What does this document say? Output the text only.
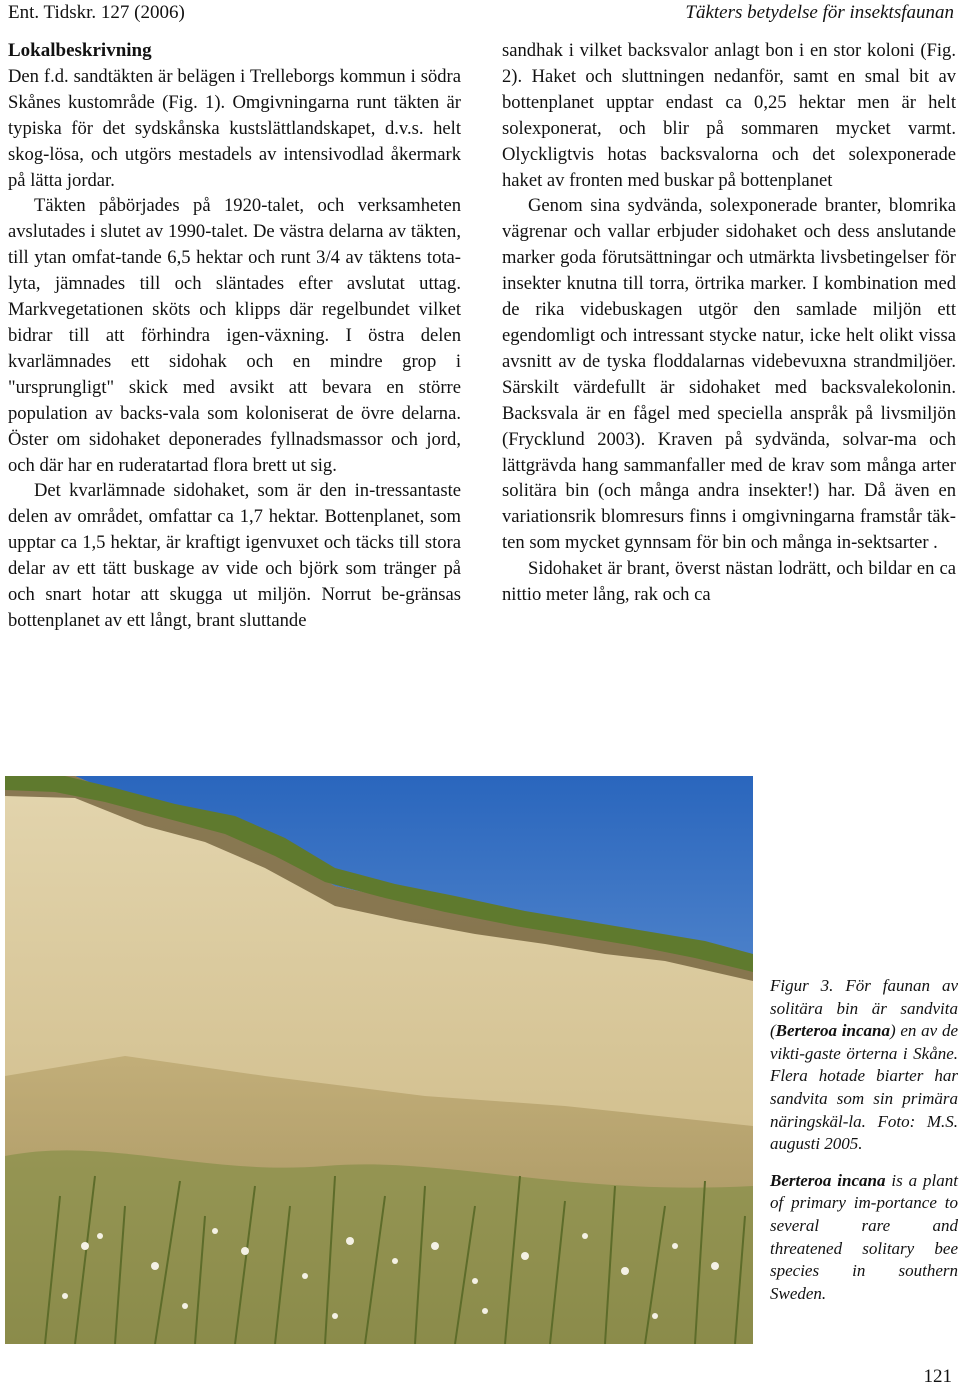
Ent. Tidskr. 127 (2006)	Täkters betydelse för insektsfaunan
Lokalbeskrivning

Den f.d. sandtäkten är belägen i Trelleborgs kommun i södra Skånes kustområde (Fig. 1). Omgivningarna runt täkten är typiska för det sydskånska kustslättlandskapet, d.v.s. helt skog-lösa, och utgörs mestadels av intensivodlad åkermark på lätta jordar.

Täkten påbörjades på 1920-talet, och verksamheten avslutades i slutet av 1990-talet. De västra delarna av täkten, till ytan omfat-tande 6,5 hektar och runt 3/4 av täktens tota-lyta, jämnades till och släntades efter avslutat uttag. Markvegetationen sköts och klipps där regelbundet vilket bidrar till att förhindra igen-växning. I östra delen kvarlämnades ett sidohak och en mindre grop i "ursprungligt" skick med avsikt att bevara en större population av backs-vala som koloniserat de övre delarna. Öster om sidohaket deponerades fyllnadsmassor och jord, och där har en ruderatartad flora brett ut sig.

Det kvarlämnade sidohaket, som är den in-tressantaste delen av området, omfattar ca 1,7 hektar. Bottenplanet, som upptar ca 1,5 hektar, är kraftigt igenvuxet och täcks till stora delar av ett tätt buskage av vide och björk som tränger på och snart hotar att skugga ut miljön. Norrut be-gränsas bottenplanet av ett långt, brant sluttande

sandhak i vilket backsvalor anlagt bon i en stor koloni (Fig. 2). Haket och sluttningen nedanför, samt en smal bit av bottenplanet upptar endast ca 0,25 hektar men är helt solexponerat, och blir på sommaren mycket varmt. Olyckligtvis hotas backsvalorna och det solexponerade haket av fronten med buskar på bottenplanet

Genom sina sydvända, solexponerade branter, blomrika vägrenar och vallar erbjuder sidohaket och dess anslutande marker goda förutsättningar och utmärkta livsbetingelser för insekter knutna till torra, örtrika marker. I kombination med de rika videbuskagen utgör den samlade miljön ett egendomligt och intressant stycke natur, icke helt olikt vissa avsnitt av de tyska floddalarnas videbevuxna strandmiljöer. Särskilt värdefullt är sidohaket med backsvalekolonin. Backsvala är en fågel med speciella anspråk på livsmiljön (Frycklund 2003). Kraven på sydvända, solvar-ma och lättgrävda hang sammanfaller med de krav som många arter solitära bin (och många andra insekter!) har. Då även en variationsrik blomresurs finns i omgivningarna framstår täk-ten som mycket gynnsam för bin och många in-sektsarter .

Sidohaket är brant, överst nästan lodrätt, och bildar en ca nittio meter lång, rak och ca

Figur 3. För faunan av solitära bin är sandvita (Berteroa incana) en av de vikti-gaste örterna i Skåne. Flera hotade biarter har sandvita som sin primära näringskäl-la. Foto: M.S. augusti 2005.

Berteroa incana is a plant of primary im-portance to several rare and threatened solitary bee species in southern Sweden.

121
